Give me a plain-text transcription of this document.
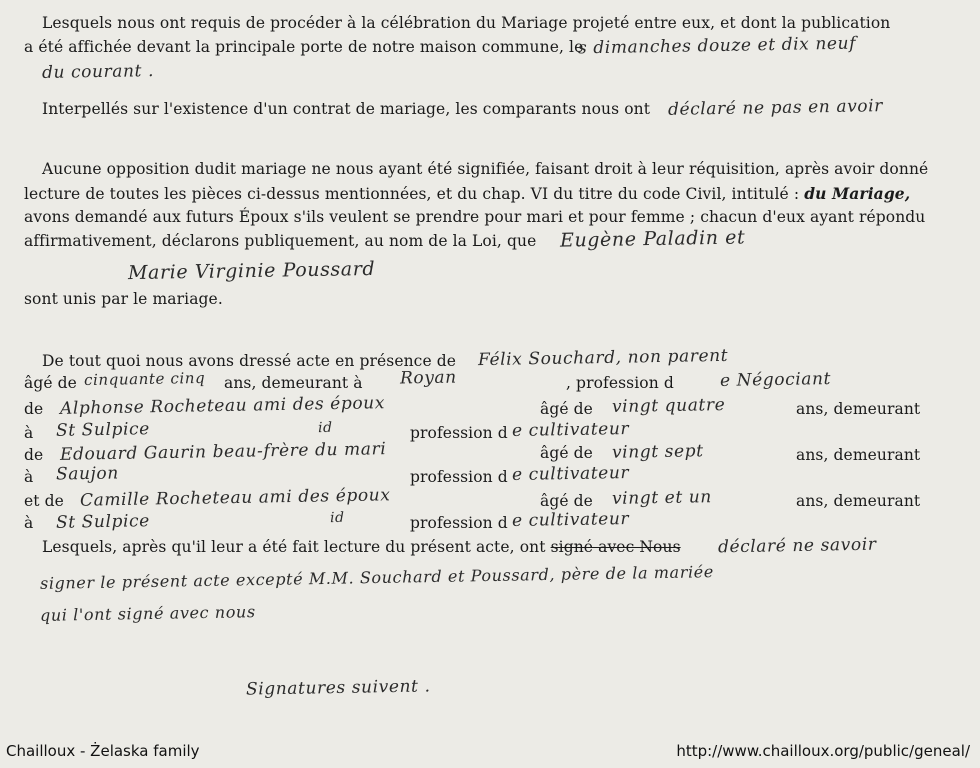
Lesquels nous ont requis de procéder à la célébration du Mariage projeté entre eux, et dont la publication
a été affichée devant la principale porte de notre maison commune, le
s dimanches douze et dix neuf
du courant .
Interpellés sur l'existence d'un contrat de mariage, les comparants nous ont déclaré ne pas en avoir
Aucune opposition dudit mariage ne nous ayant été signifiée, faisant droit à leur réquisition, après avoir donné
lecture de toutes les pièces ci-dessus mentionnées, et du chap. VI du titre du code Civil, intitulé : du Mariage,
avons demandé aux futurs Époux s'ils veulent se prendre pour mari et pour femme ; chacun d'eux ayant répondu
affirmativement, déclarons publiquement, au nom de la Loi, que Eugène Paladin et
Marie Virginie Poussard
sont unis par le mariage.
De tout quoi nous avons dressé acte en présence de Félix Souchard, non parent
âgé de cinquante cinq ans, demeurant à Royan	, profession d	e Négociant
de Alphonse Rocheteau ami des époux	âgé de vingt quatre	ans, demeurant
à St Sulpice	id	profession d e cultivateur
de Edouard Gaurin beau-frère du mari	âgé de vingt sept	ans, demeurant
à Saujon	profession d e cultivateur
et de Camille Rocheteau ami des époux	âgé de vingt et un	ans, demeurant
à St Sulpice	id	profession d e cultivateur
Lesquels, après qu'il leur a été fait lecture du présent acte, ont signé avec Nous déclaré ne savoir
signer le présent acte excepté M.M. Souchard et Poussard, père de la mariée
qui l'ont signé avec nous
Signatures suivent .
Chailloux - Żelaska family	http://www.chailloux.org/public/geneal/
